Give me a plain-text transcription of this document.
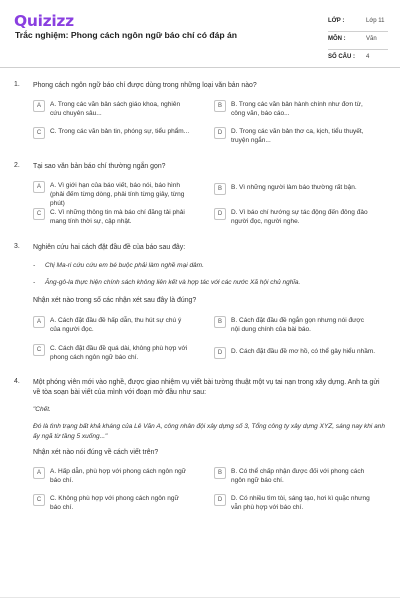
Quizizz
Trắc nghiệm: Phong cách ngôn ngữ báo chí có đáp án
LỚP :	Lớp 11
MÔN :	Văn
SỐ CÂU : 4
1. Phong cách ngôn ngữ báo chí được dùng trong những loại văn bản nào?
A	A. Trong các văn bản sách giáo khoa, nghiên cứu chuyên sâu...
B	B. Trong các văn bản hành chính như đơn từ, công văn, báo cáo...
C	C. Trong các văn bản tin, phóng sự, tiểu phẩm...	D	D. Trong các văn bản thơ ca, kịch, tiểu thuyết, truyện ngắn...
2. Tại sao văn bản báo chí thường ngắn gọn?
A	A. Vì giới hạn của báo viết, báo nói, báo hình (phải đếm từng dòng, phải tính từng giây, từng phút)
B	B. Vì những người làm báo thường rất bận.
C	C. Vì những thông tin mà báo chí đăng tải phải mang tính thời sự, cập nhật.
D	D. Vì báo chí hướng sự tác động đến đông đảo người đọc, người nghe.
3. Nghiên cứu hai cách đặt đầu đề của báo sau đây:
- Chị Ma-ri cứu cứu em bé buộc phải làm nghề mại dâm.
- Ăng-gô-la thực hiện chính sách không liên kết và hợp tác với các nước Xã hội chủ nghĩa.
Nhận xét nào trong số các nhận xét sau đây là đúng?
A	A. Cách đặt đầu đề hấp dẫn, thu hút sự chú ý của người đọc.
B	B. Cách đặt đầu đề ngắn gọn nhưng nói được nội dung chính của bài báo.
C	C. Cách đặt đầu đề quá dài, không phù hợp với phong cách ngôn ngữ báo chí.
D	D. Cách đặt đầu đề mơ hồ, có thể gây hiểu nhầm.
4. Một phóng viên mới vào nghề, được giao nhiệm vụ viết bài tường thuật một vụ tai nạn trong xây dựng. Anh ta gửi về tòa soạn bài viết của mình với đoạn mở đầu như sau:
"Chết.
Đó là tình trạng bất khả kháng của Lê Văn A, công nhân đội xây dựng số 3, Tổng công ty xây dựng XYZ, sáng nay khi anh ấy ngã từ tầng 5 xuống..."
Nhận xét nào nói đúng về cách viết trên?
A	A. Hấp dẫn, phù hợp với phong cách ngôn ngữ báo chí.
B	B. Có thể chấp nhận được đối với phong cách ngôn ngữ báo chí.
C	C. Không phù hợp với phong cách ngôn ngữ báo chí.
D	D. Có nhiều tìm tòi, sáng tạo, hơi kì quặc nhưng vẫn phù hợp với báo chí.
